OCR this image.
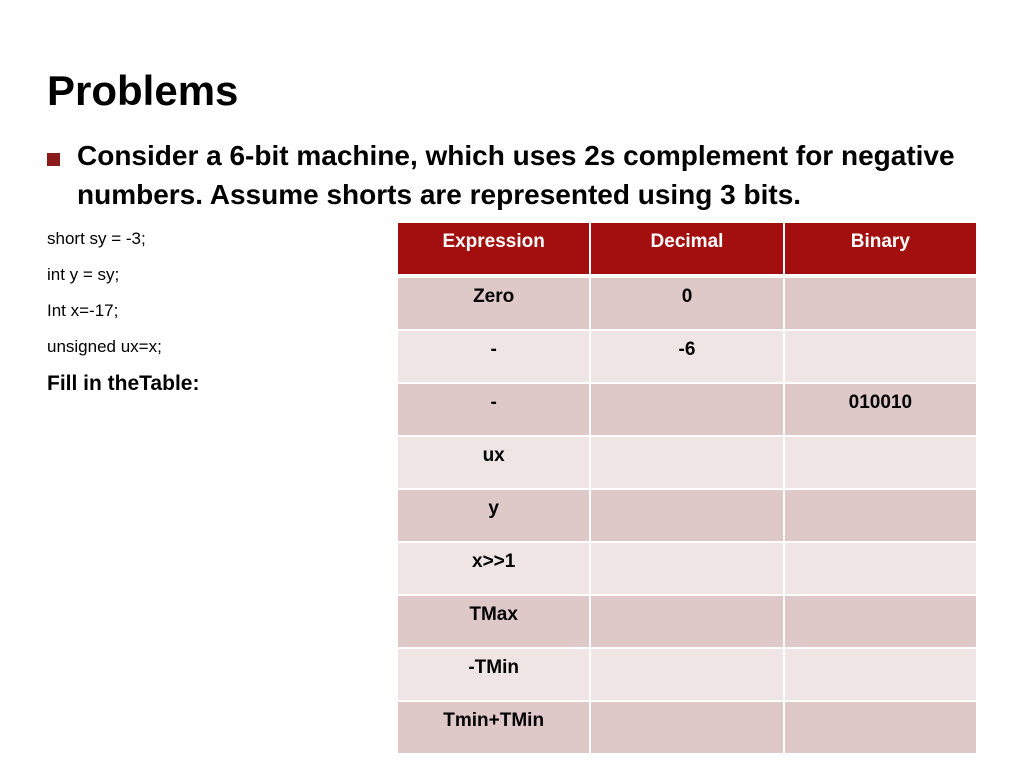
Problems
Consider a 6-bit machine, which uses 2s complement for negative numbers. Assume shorts are represented using 3 bits.
short sy = -3;
int y = sy;
Int x=-17;
unsigned ux=x;
Fill in theTable:
Expression	Decimal	Binary
Zero	0	
-	-6	
-		010010
ux		
y		
x>>1		
TMax		
-TMin		
Tmin+TMin		
